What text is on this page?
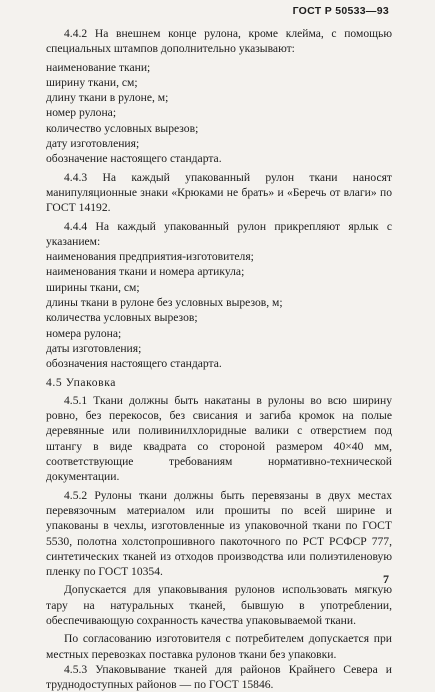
ГОСТ Р 50533—93

4.4.2 На внешнем конце рулона, кроме клейма, с помощью специальных штампов дополнительно указывают:

наименование ткани;
ширину ткани, см;
длину ткани в рулоне, м;
номер рулона;
количество условных вырезов;
дату изготовления;
обозначение настоящего стандарта.

4.4.3 На каждый упакованный рулон ткани наносят манипуляционные знаки «Крюками не брать» и «Беречь от влаги» по ГОСТ 14192.

4.4.4 На каждый упакованный рулон прикрепляют ярлык с указанием:

наименования предприятия-изготовителя;
наименования ткани и номера артикула;
ширины ткани, см;
длины ткани в рулоне без условных вырезов, м;
количества условных вырезов;
номера рулона;
даты изготовления;
обозначения настоящего стандарта.

4.5 Упаковка

4.5.1 Ткани должны быть накатаны в рулоны во всю ширину ровно, без перекосов, без свисания и загиба кромок на полые деревянные или поливинилхлоридные валики с отверстием под штангу в виде квадрата со стороной размером 40×40 мм, соответствующие требованиям нормативно-технической документации.

4.5.2 Рулоны ткани должны быть перевязаны в двух местах перевязочным материалом или прошиты по всей ширине и упакованы в чехлы, изготовленные из упаковочной ткани по ГОСТ 5530, полотна холстопрошивного пакоточного по РСТ РСФСР 777, синтетических тканей из отходов производства или полиэтиленовую пленку по ГОСТ 10354.

Допускается для упаковывания рулонов использовать мягкую тару на натуральных тканей, бывшую в употреблении, обеспечивающую сохранность качества упаковываемой ткани.

По согласованию изготовителя с потребителем допускается при местных перевозках поставка рулонов ткани без упаковки.

4.5.3 Упаковывание тканей для районов Крайнего Севера и труднодоступных районов — по ГОСТ 15846.

7
